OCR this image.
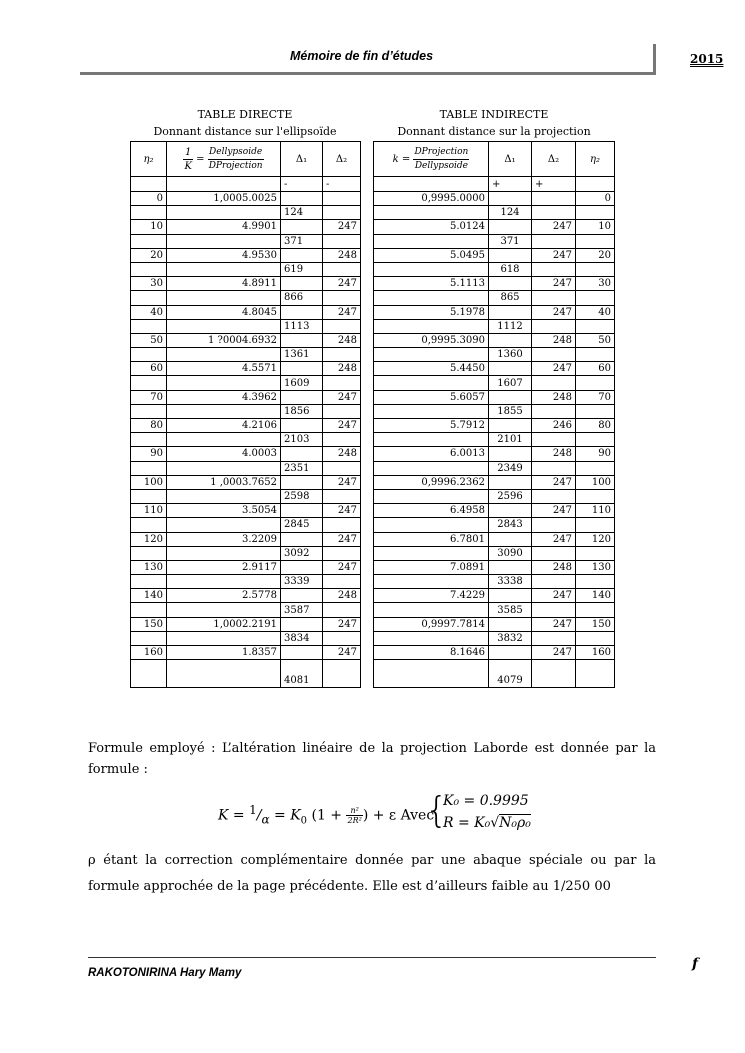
Mémoire de fin d’études	2015
TABLE DIRECTE
Donnant distance sur l'ellipsoïde
TABLE INDIRECTE
Donnant distance sur la projection
η₂	$\frac{1}{K} = \frac{\text{Dellypsoide}}{\text{DProjection}}$	Δ₁	Δ₂
		-	-
0	1,0005.0025		
		124	
10	4.9901		247
		371	
20	4.9530		248
		619	
30	4.8911		247
		866	
40	4.8045		247
		1113	
50	1 ?0004.6932		248
		1361	
60	4.5571		248
		1609	
70	4.3962		247
		1856	
80	4.2106		247
		2103	
90	4.0003		248
		2351	
100	1 ,0003.7652		247
		2598	
110	3.5054		247
		2845	
120	3.2209		247
		3092	
130	2.9117		247
		3339	
140	2.5778		248
		3587	
150	1,0002.2191		247
		3834	
160	1.8357		247
		4081	
$k = \frac{\text{DProjection}}{\text{Dellypsoide}}$	Δ₁	Δ₂	η₂
	+	+	
0,9995.0000			0
	124		
5.0124		247	10
	371		
5.0495		247	20
	618		
5.1113		247	30
	865		
5.1978		247	40
	1112		
0,9995.3090		248	50
	1360		
5.4450		247	60
	1607		
5.6057		248	70
	1855		
5.7912		246	80
	2101		
6.0013		248	90
	2349		
0,9996.2362		247	100
	2596		
6.4958		247	110
	2843		
6.7801		247	120
	3090		
7.0891		248	130
	3338		
7.4229		247	140
	3585		
0,9997.7814		247	150
	3832		
8.1646		247	160
	4079		
Formule employé : L’altération linéaire de la projection Laborde est donnée par la formule :
$K = ^1/_\alpha = K_0$ ($1 + \frac{\text{n²}}{\text{2R²}}$ ) + ε Avec
{
K₀ = 0.9995
R = K₀√N₀ρ₀
ρ étant la correction complémentaire donnée par une abaque spéciale ou par la formule approchée de la page précédente. Elle est d’ailleurs faible au 1/250 00
RAKOTONIRINA Hary Mamy
f
